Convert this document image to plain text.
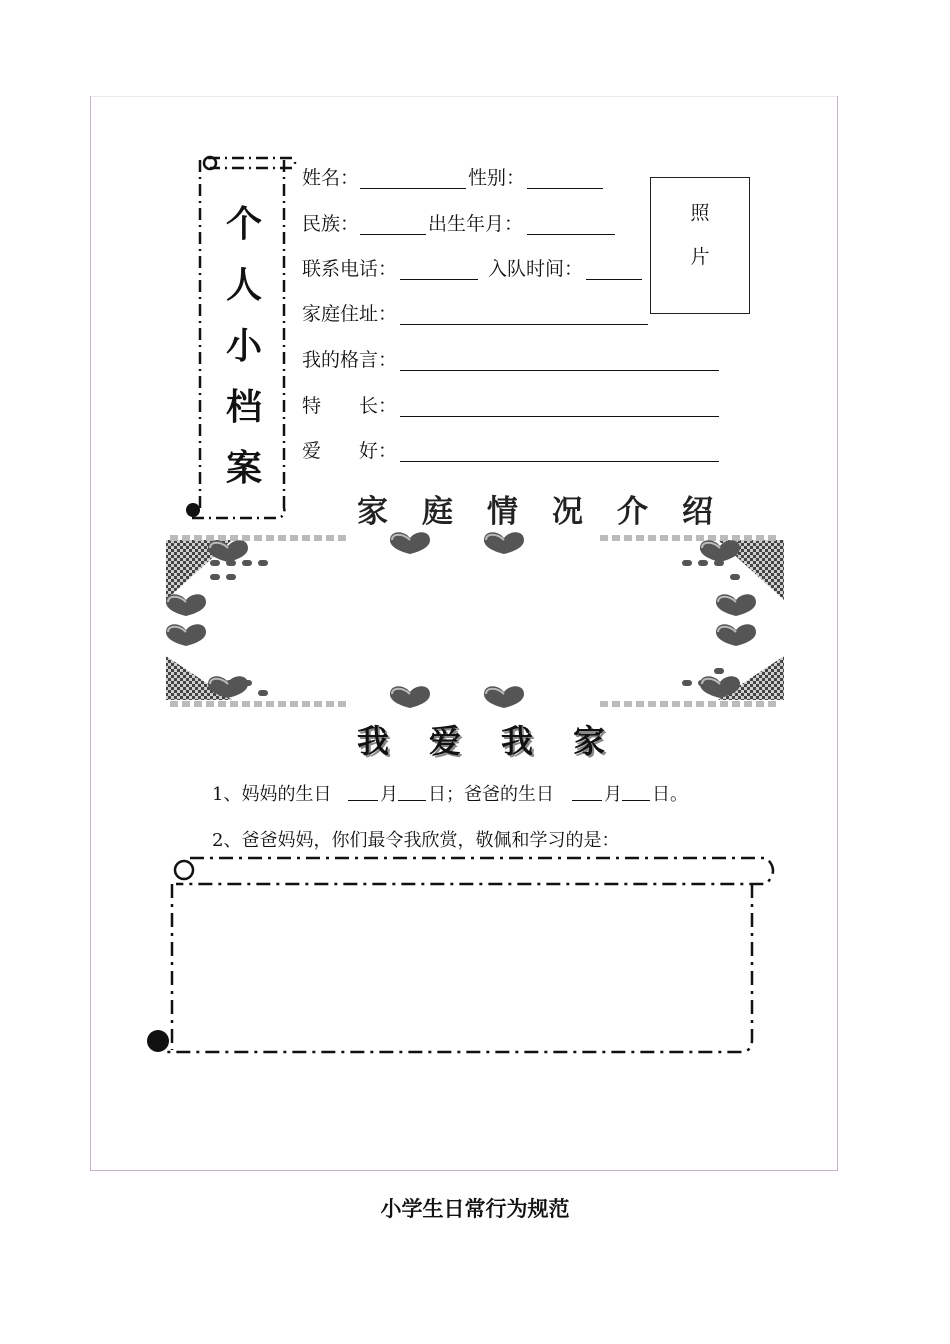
个
人
小
档
案
姓名：	性别：
民族：	出生年月：
联系电话：	入队时间：
家庭住址：
我的格言：
特　　长：
爱　　好：
照
片
家庭情况介绍
我爱我家
1、妈妈的生日	月 日；爸爸的生日	月 日。
2、爸爸妈妈，你们最令我欣赏，敬佩和学习的是：
小学生日常行为规范
